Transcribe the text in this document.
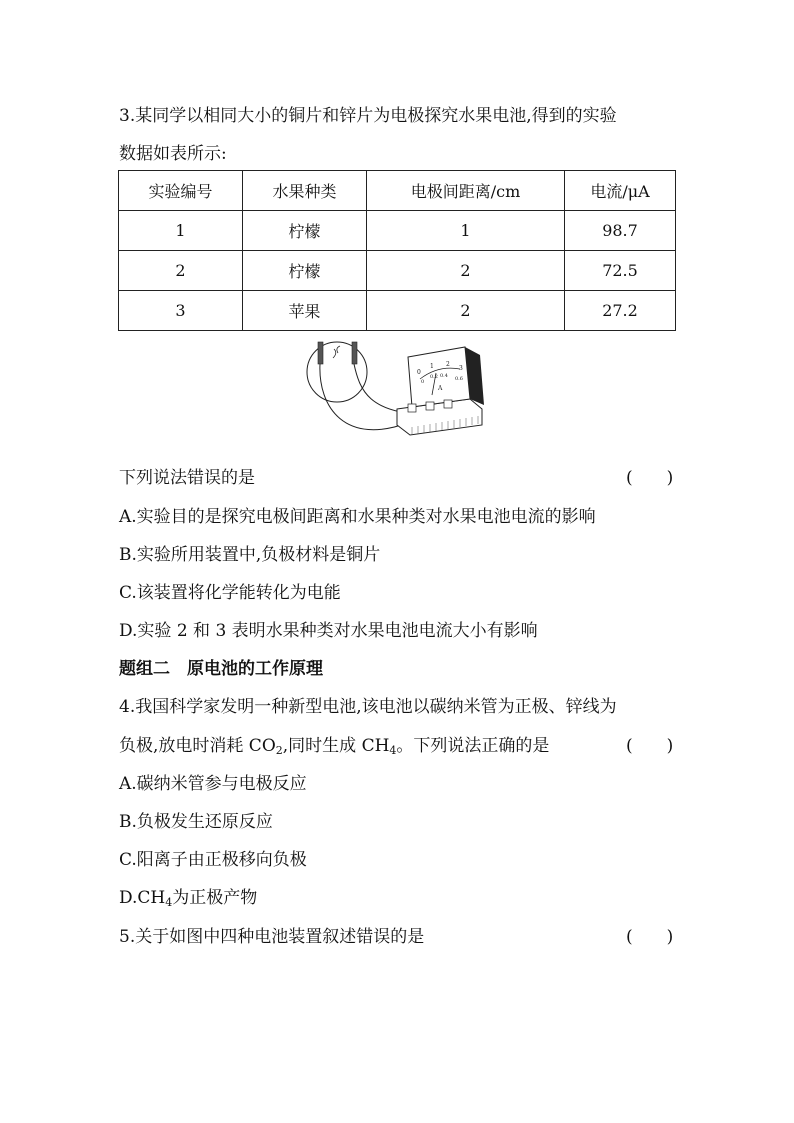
3.某同学以相同大小的铜片和锌片为电极探究水果电池,得到的实验
数据如表所示:
实验编号	水果种类	电极间距离/cm	电流/μA
1	柠檬	1	98.7
2	柠檬	2	72.5
3	苹果	2	27.2
0
1 2
3
0
0.2 0.4 0.6
A
下列说法错误的是	(　　)
A.实验目的是探究电极间距离和水果种类对水果电池电流的影响
B.实验所用装置中,负极材料是铜片
C.该装置将化学能转化为电能
D.实验 2 和 3 表明水果种类对水果电池电流大小有影响
题组二　原电池的工作原理
4.我国科学家发明一种新型电池,该电池以碳纳米管为正极、锌线为
负极,放电时消耗 $CO_2$,同时生成 $CH_4$。下列说法正确的是	(　　)
A.碳纳米管参与电极反应
B.负极发生还原反应
C.阳离子由正极移向负极
$D.CH_4$为正极产物
5.关于如图中四种电池装置叙述错误的是	(　　)
